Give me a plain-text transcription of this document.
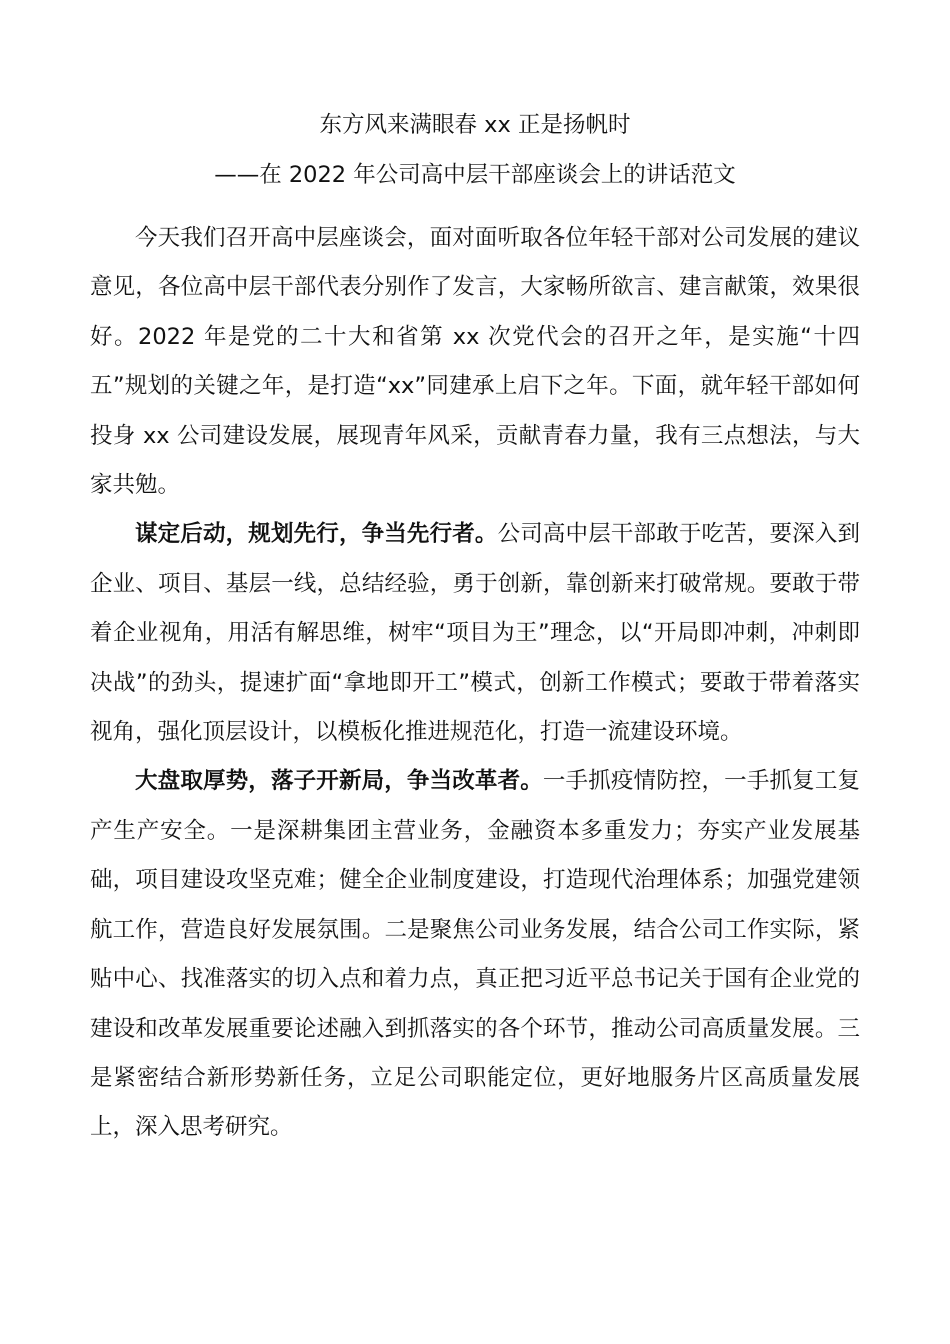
东方风来满眼春 xx 正是扬帆时
——在 2022 年公司高中层干部座谈会上的讲话范文

今天我们召开高中层座谈会，面对面听取各位年轻干部对公司发展的建议意见，各位高中层干部代表分别作了发言，大家畅所欲言、建言献策，效果很好。2022 年是党的二十大和省第 xx 次党代会的召开之年，是实施“十四五”规划的关键之年，是打造“xx”同建承上启下之年。下面，就年轻干部如何投身 xx 公司建设发展，展现青年风采，贡献青春力量，我有三点想法，与大家共勉。

谋定后动，规划先行，争当先行者。公司高中层干部敢于吃苦，要深入到企业、项目、基层一线，总结经验，勇于创新，靠创新来打破常规。要敢于带着企业视角，用活有解思维，树牢“项目为王”理念，以“开局即冲刺，冲刺即决战”的劲头，提速扩面“拿地即开工”模式，创新工作模式；要敢于带着落实视角，强化顶层设计，以模板化推进规范化，打造一流建设环境。

大盘取厚势，落子开新局，争当改革者。一手抓疫情防控，一手抓复工复产生产安全。一是深耕集团主营业务，金融资本多重发力；夯实产业发展基础，项目建设攻坚克难；健全企业制度建设，打造现代治理体系；加强党建领航工作，营造良好发展氛围。二是聚焦公司业务发展，结合公司工作实际，紧贴中心、找准落实的切入点和着力点，真正把习近平总书记关于国有企业党的建设和改革发展重要论述融入到抓落实的各个环节，推动公司高质量发展。三是紧密结合新形势新任务，立足公司职能定位，更好地服务片区高质量发展上，深入思考研究。
